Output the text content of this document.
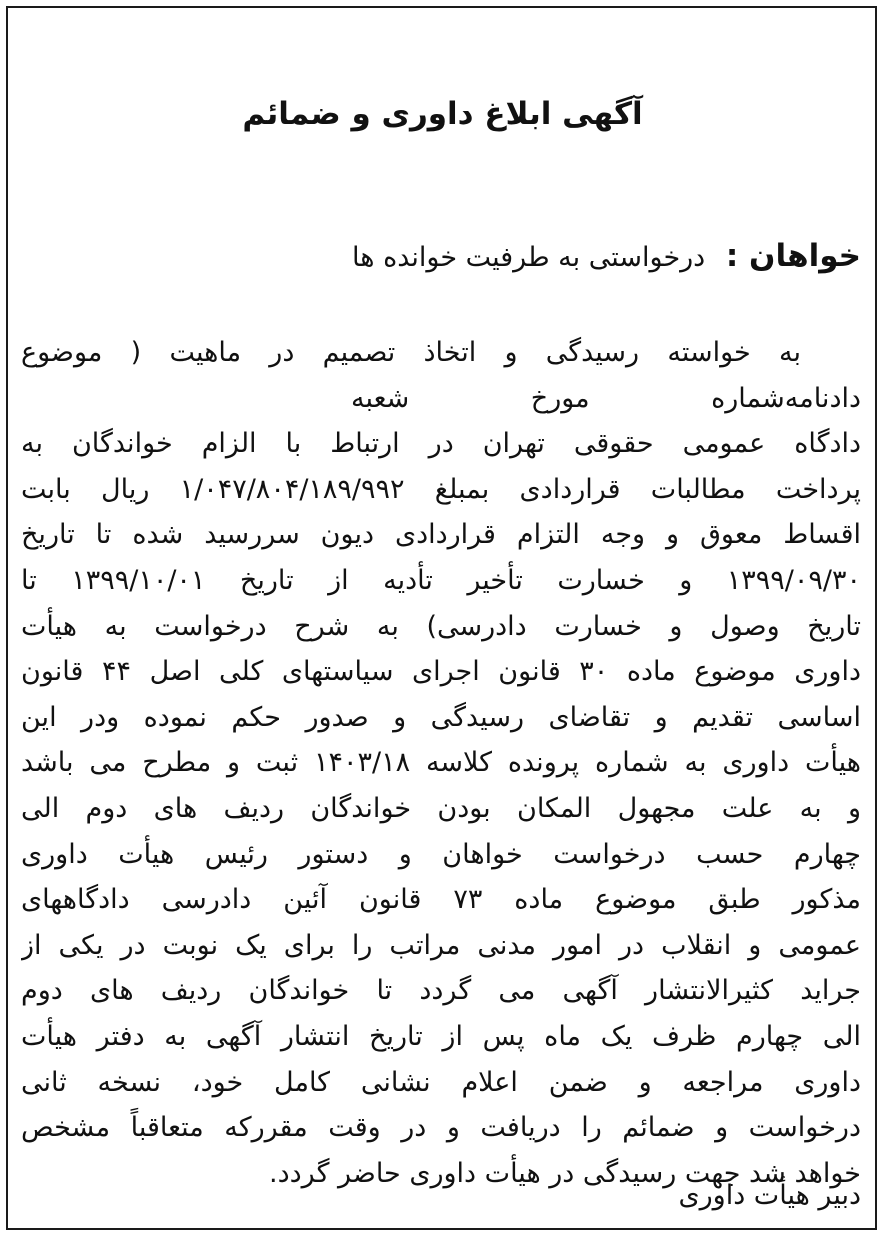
آگهی ابلاغ داوری و ضمائم
خواهان : درخواستی به طرفیت خوانده ها
به خواسته رسیدگی و اتخاذ تصمیم در ماهیت ( موضوع
دادنامه‌شماره
مورخ
شعبه
دادگاه عمومی حقوقی تهران در ارتباط با الزام خواندگان به
پرداخت مطالبات قراردادی بمبلغ ۱/۰۴۷/۸۰۴/۱۸۹/۹۹۲ ریال بابت
اقساط معوق و وجه التزام قراردادی دیون سررسید شده تا تاریخ
۱۳۹۹/۰۹/۳۰ و خسارت تأخیر تأدیه از تاریخ ۱۳۹۹/۱۰/۰۱ تا
تاریخ وصول و خسارت دادرسی) به شرح درخواست به هیأت
داوری موضوع ماده ۳۰ قانون اجرای سیاستهای کلی اصل ۴۴ قانون
اساسی تقدیم و تقاضای رسیدگی و صدور حکم نموده ودر این
هیأت داوری به شماره پرونده کلاسه ۱۴۰۳/۱۸ ثبت و مطرح می باشد
و به علت مجهول المکان بودن خواندگان ردیف های دوم الی
چهارم حسب درخواست خواهان و دستور رئیس هیأت داوری
مذکور طبق موضوع ماده ۷۳ قانون آئین دادرسی دادگاههای
عمومی و انقلاب در امور مدنی مراتب را برای یک نوبت در یکی از
جراید کثیرالانتشار آگهی می گردد تا خواندگان ردیف های دوم
الی چهارم ظرف یک ماه پس از تاریخ انتشار آگهی به دفتر هیأت
داوری مراجعه و ضمن اعلام نشانی کامل خود، نسخه ثانی
درخواست و ضمائم را دریافت و در وقت مقررکه متعاقباً مشخص
خواهد شد جهت رسیدگی در هیأت داوری حاضر گردد.
دبیر هیأت داوری
